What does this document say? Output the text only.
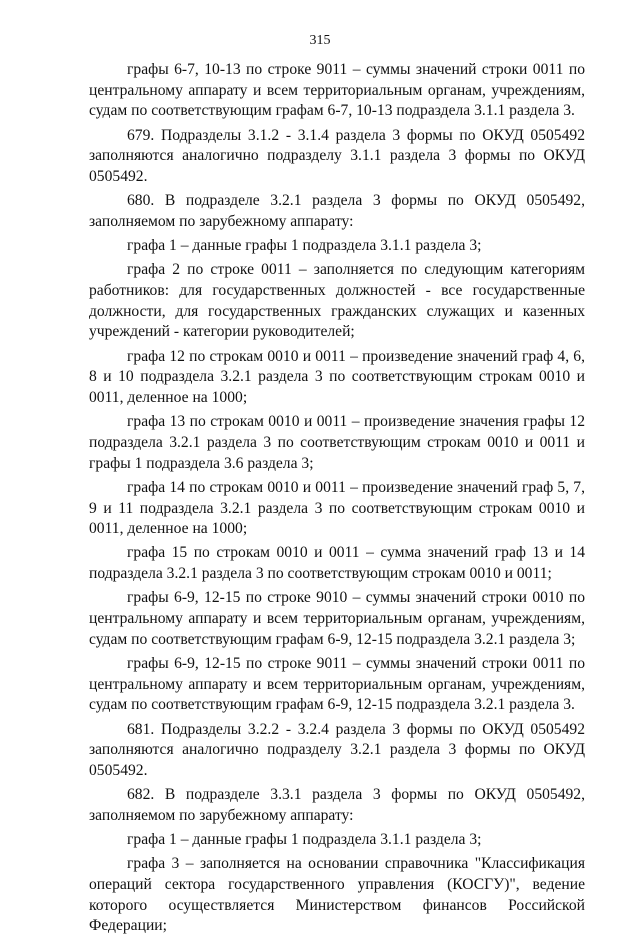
315

графы 6-7, 10-13 по строке 9011 – суммы значений строки 0011 по центральному аппарату и всем территориальным органам, учреждениям, судам по соответствующим графам 6-7, 10-13 подраздела 3.1.1 раздела 3.

679. Подразделы 3.1.2 - 3.1.4 раздела 3 формы по ОКУД 0505492 заполняются аналогично подразделу 3.1.1 раздела 3 формы по ОКУД 0505492.

680. В подразделе 3.2.1 раздела 3 формы по ОКУД 0505492, заполняемом по зарубежному аппарату:

графа 1 – данные графы 1 подраздела 3.1.1 раздела 3;

графа 2 по строке 0011 – заполняется по следующим категориям работников: для государственных должностей - все государственные должности, для государственных гражданских служащих и казенных учреждений - категории руководителей;

графа 12 по строкам 0010 и 0011 – произведение значений граф 4, 6, 8 и 10 подраздела 3.2.1 раздела 3 по соответствующим строкам 0010 и 0011, деленное на 1000;

графа 13 по строкам 0010 и 0011 – произведение значения графы 12 подраздела 3.2.1 раздела 3 по соответствующим строкам 0010 и 0011 и графы 1 подраздела 3.6 раздела 3;

графа 14 по строкам 0010 и 0011 – произведение значений граф 5, 7, 9 и 11 подраздела 3.2.1 раздела 3 по соответствующим строкам 0010 и 0011, деленное на 1000;

графа 15 по строкам 0010 и 0011 – сумма значений граф 13 и 14 подраздела 3.2.1 раздела 3 по соответствующим строкам 0010 и 0011;

графы 6-9, 12-15 по строке 9010 – суммы значений строки 0010 по центральному аппарату и всем территориальным органам, учреждениям, судам по соответствующим графам 6-9, 12-15 подраздела 3.2.1 раздела 3;

графы 6-9, 12-15 по строке 9011 – суммы значений строки 0011 по центральному аппарату и всем территориальным органам, учреждениям, судам по соответствующим графам 6-9, 12-15 подраздела 3.2.1 раздела 3.

681. Подразделы 3.2.2 - 3.2.4 раздела 3 формы по ОКУД 0505492 заполняются аналогично подразделу 3.2.1 раздела 3 формы по ОКУД 0505492.

682. В подразделе 3.3.1 раздела 3 формы по ОКУД 0505492, заполняемом по зарубежному аппарату:

графа 1 – данные графы 1 подраздела 3.1.1 раздела 3;

графа 3 – заполняется на основании справочника "Классификация операций сектора государственного управления (КОСГУ)", ведение которого осуществляется Министерством финансов Российской Федерации;
